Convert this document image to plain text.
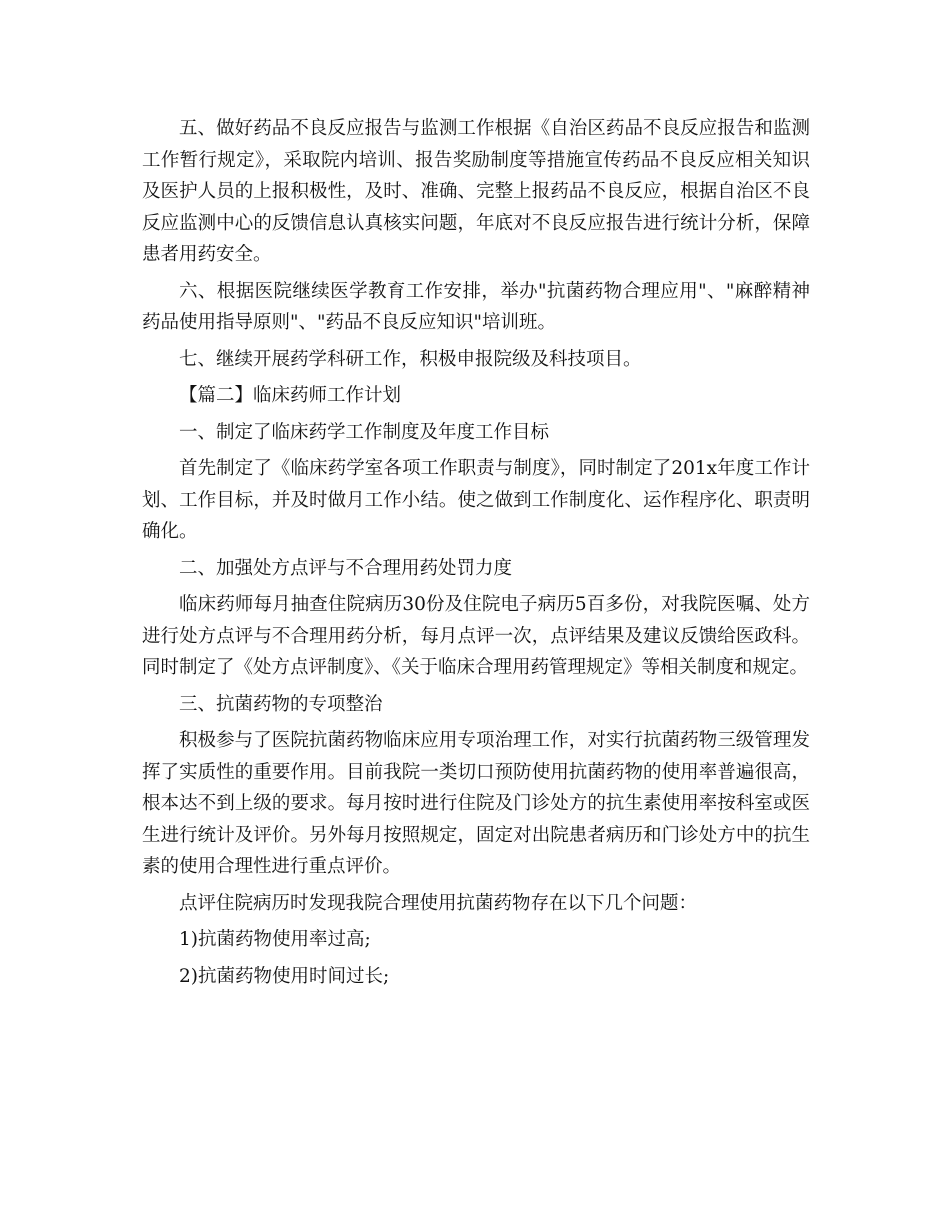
五、做好药品不良反应报告与监测工作根据《自治区药品不良反应报告和监测工作暂行规定》，采取院内培训、报告奖励制度等措施宣传药品不良反应相关知识及医护人员的上报积极性，及时、准确、完整上报药品不良反应，根据自治区不良反应监测中心的反馈信息认真核实问题，年底对不良反应报告进行统计分析，保障患者用药安全。

六、根据医院继续医学教育工作安排，举办"抗菌药物合理应用"、"麻醉精神药品使用指导原则"、"药品不良反应知识"培训班。

七、继续开展药学科研工作，积极申报院级及科技项目。

【篇二】临床药师工作计划

一、制定了临床药学工作制度及年度工作目标

首先制定了《临床药学室各项工作职责与制度》，同时制定了201x年度工作计划、工作目标，并及时做月工作小结。使之做到工作制度化、运作程序化、职责明确化。

二、加强处方点评与不合理用药处罚力度

临床药师每月抽查住院病历30份及住院电子病历5百多份，对我院医嘱、处方进行处方点评与不合理用药分析，每月点评一次，点评结果及建议反馈给医政科。同时制定了《处方点评制度》、《关于临床合理用药管理规定》等相关制度和规定。

三、抗菌药物的专项整治

积极参与了医院抗菌药物临床应用专项治理工作，对实行抗菌药物三级管理发挥了实质性的重要作用。目前我院一类切口预防使用抗菌药物的使用率普遍很高，根本达不到上级的要求。每月按时进行住院及门诊处方的抗生素使用率按科室或医生进行统计及评价。另外每月按照规定，固定对出院患者病历和门诊处方中的抗生素的使用合理性进行重点评价。

点评住院病历时发现我院合理使用抗菌药物存在以下几个问题：

1)抗菌药物使用率过高;

2)抗菌药物使用时间过长;
